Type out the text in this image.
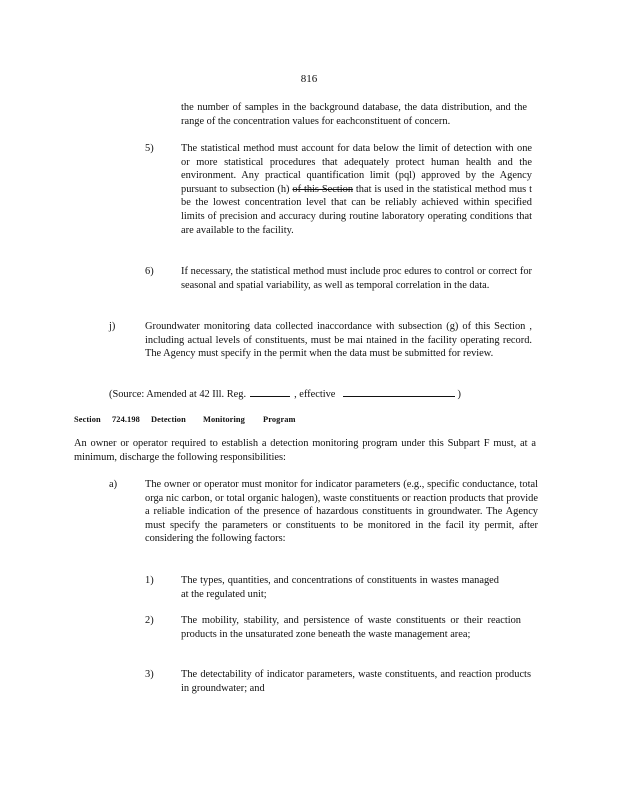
816
the number of samples in the background database, the data distribution, and the range of the concentration values for eachconstituent of concern.
5)	The statistical method must account for data below the limit of detection with one or more statistical procedures that adequately protect human health and the environment. Any practical quantification limit (pql) approved by the Agency pursuant to subsection (h) of this Section that is used in the statistical method mus t be the lowest concentration level that can be reliably achieved within specified limits of precision and accuracy during routine laboratory operating conditions that are available to the facility.
6)	If necessary, the statistical method must include proc edures to control or correct for seasonal and spatial variability, as well as temporal correlation in the data.
j)	Groundwater monitoring data collected inaccordance with subsection (g) of this Section , including actual levels of constituents, must be mai ntained in the facility operating record. The Agency must specify in the permit when the data must be submitted for review.
(Source: Amended at 42 Ill. Reg.	, effective	)
Section 724.198 Detection Monitoring Program
An owner or operator required to establish a detection monitoring program under this Subpart F must, at a minimum, discharge the following responsibilities:
a)	The owner or operator must monitor for indicator parameters (e.g., specific conductance, total orga nic carbon, or total organic halogen), waste constituents or reaction products that provide a reliable indication of the presence of hazardous constituents in groundwater. The Agency must specify the parameters or constituents to be monitored in the facil ity permit, after considering the following factors:
1)	The types, quantities, and concentrations of constituents in wastes managed at the regulated unit;
2)	The mobility, stability, and persistence of waste constituents or their reaction products in the unsaturated zone beneath the waste management area;
3)	The detectability of indicator parameters, waste constituents, and reaction products in groundwater; and
